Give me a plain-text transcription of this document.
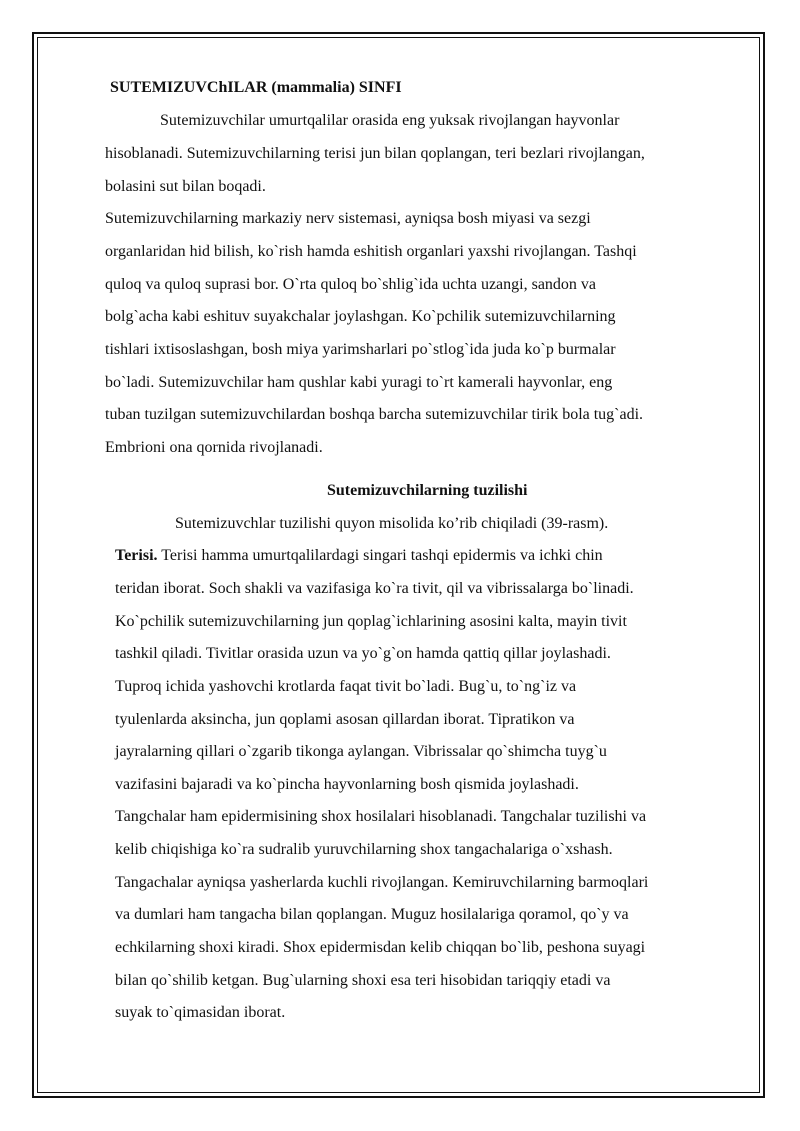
SUTEMIZUVChILAR (mammalia) SINFI
Sutemizuvchilar umurtqalilar orasida eng yuksak rivojlangan hayvonlar
hisoblanadi. Sutemizuvchilarning terisi jun bilan qoplangan, teri bezlari rivojlangan,
bolasini sut bilan boqadi.
Sutemizuvchilarning markaziy nerv sistemasi, ayniqsa bosh miyasi va sezgi
organlaridan hid bilish, ko`rish hamda eshitish organlari yaxshi rivojlangan. Tashqi
quloq va quloq suprasi bor. O`rta quloq bo`shlig`ida uchta uzangi, sandon va
bolg`acha kabi eshituv suyakchalar joylashgan. Ko`pchilik sutemizuvchilarning
tishlari ixtisoslashgan, bosh miya yarimsharlari po`stlog`ida juda ko`p burmalar
bo`ladi. Sutemizuvchilar ham qushlar kabi yuragi to`rt kamerali hayvonlar, eng
tuban tuzilgan sutemizuvchilardan boshqa barcha sutemizuvchilar tirik bola tug`adi.
Embrioni ona qornida rivojlanadi.
Sutemizuvchilarning tuzilishi
Sutemizuvchlar tuzilishi quyon misolida ko’rib chiqiladi (39-rasm).
Terisi. Terisi hamma umurtqalilardagi singari tashqi epidermis va ichki chin
teridan iborat. Soch shakli va vazifasiga ko`ra tivit, qil va vibrissalarga bo`linadi.
Ko`pchilik sutemizuvchilarning jun qoplag`ichlarining asosini kalta, mayin tivit
tashkil qiladi. Tivitlar orasida uzun va yo`g`on hamda qattiq qillar joylashadi.
Tuproq ichida yashovchi krotlarda faqat tivit bo`ladi. Bug`u, to`ng`iz va
tyulenlarda aksincha, jun qoplami asosan qillardan iborat. Tipratikon va
jayralarning qillari o`zgarib tikonga aylangan. Vibrissalar qo`shimcha tuyg`u
vazifasini bajaradi va ko`pincha hayvonlarning bosh qismida joylashadi.
Tangchalar ham epidermisining shox hosilalari hisoblanadi. Tangchalar tuzilishi va
kelib chiqishiga ko`ra sudralib yuruvchilarning shox tangachalariga o`xshash.
Tangachalar ayniqsa yasherlarda kuchli rivojlangan. Kemiruvchilarning barmoqlari
va dumlari ham tangacha bilan qoplangan. Muguz hosilalariga qoramol, qo`y va
echkilarning shoxi kiradi. Shox epidermisdan kelib chiqqan bo`lib, peshona suyagi
bilan qo`shilib ketgan. Bug`ularning shoxi esa teri hisobidan tariqqiy etadi va
suyak to`qimasidan iborat.
